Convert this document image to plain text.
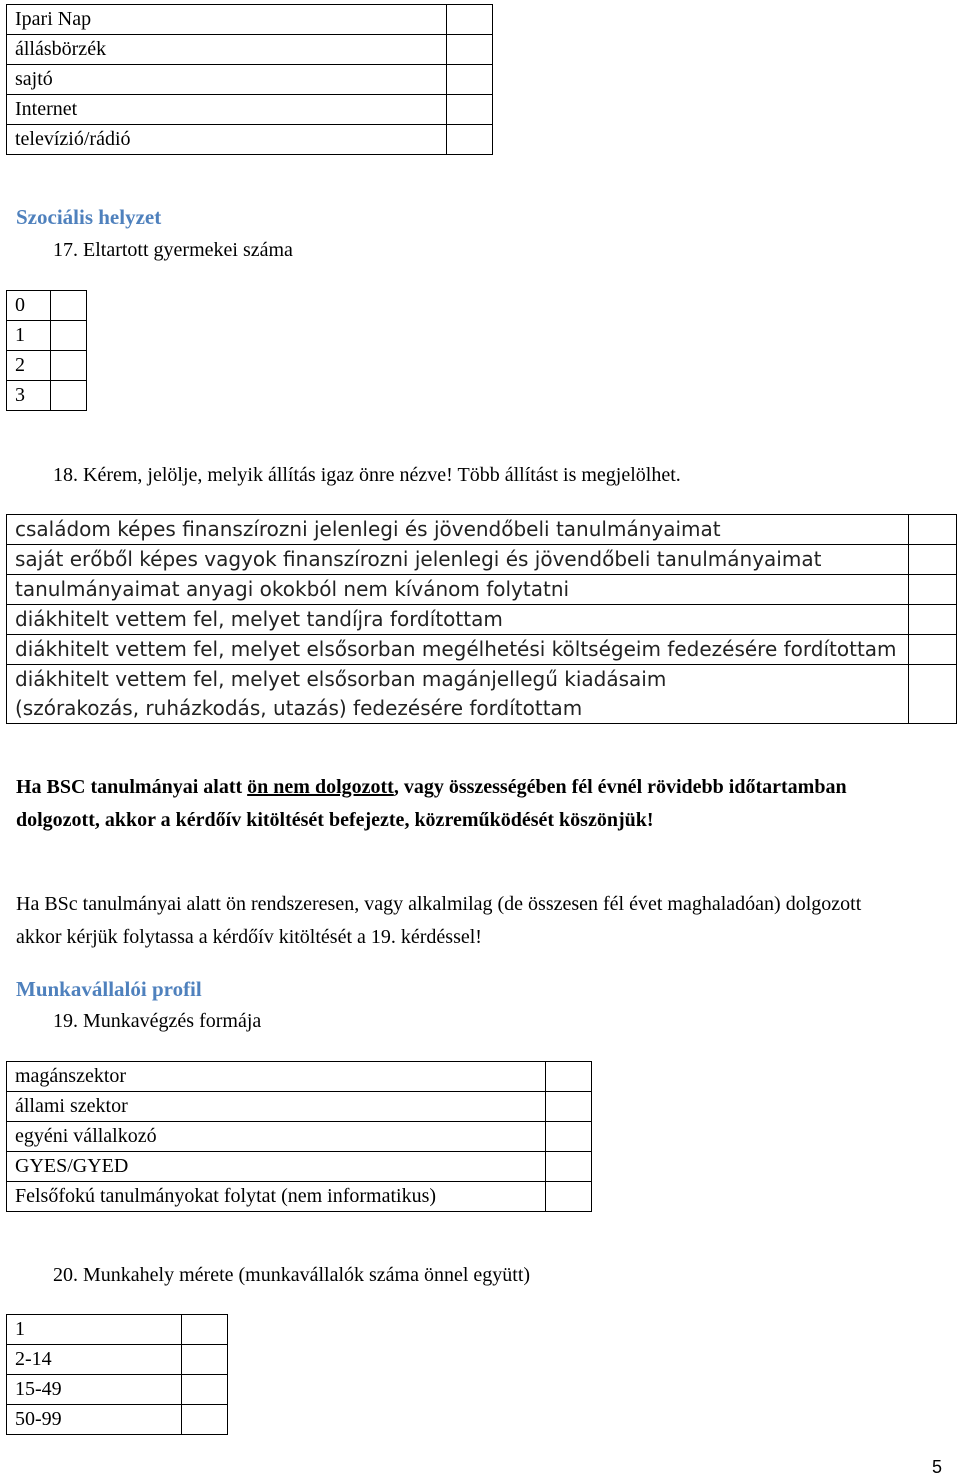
Ipari Nap	
állásbörzék	
sajtó	
Internet	
televízió/rádió	
Szociális helyzet
17. Eltartott gyermekei száma
0	
1	
2	
3	
18. Kérem, jelölje, melyik állítás igaz önre nézve! Több állítást is megjelölhet.
családom képes finanszírozni jelenlegi és jövendőbeli tanulmányaimat	
saját erőből képes vagyok finanszírozni jelenlegi és jövendőbeli tanulmányaimat	
tanulmányaimat anyagi okokból nem kívánom folytatni	
diákhitelt vettem fel, melyet tandíjra fordítottam	
diákhitelt vettem fel, melyet elsősorban megélhetési költségeim fedezésére fordítottam	
diákhitelt vettem fel, melyet elsősorban magánjellegű kiadásaim (szórakozás, ruházkodás, utazás) fedezésére fordítottam	
Ha BSC tanulmányai alatt ön nem dolgozott, vagy összességében fél évnél rövidebb időtartamban dolgozott, akkor a kérdőív kitöltését befejezte, közreműködését köszönjük!
Ha BSc tanulmányai alatt ön rendszeresen, vagy alkalmilag (de összesen fél évet maghaladóan) dolgozott akkor kérjük folytassa a kérdőív kitöltését a 19. kérdéssel!
Munkavállalói profil
19. Munkavégzés formája
magánszektor	
állami szektor	
egyéni vállalkozó	
GYES/GYED	
Felsőfokú tanulmányokat folytat (nem informatikus)	
20. Munkahely mérete (munkavállalók száma önnel együtt)
1	
2-14	
15-49	
50-99	
5
